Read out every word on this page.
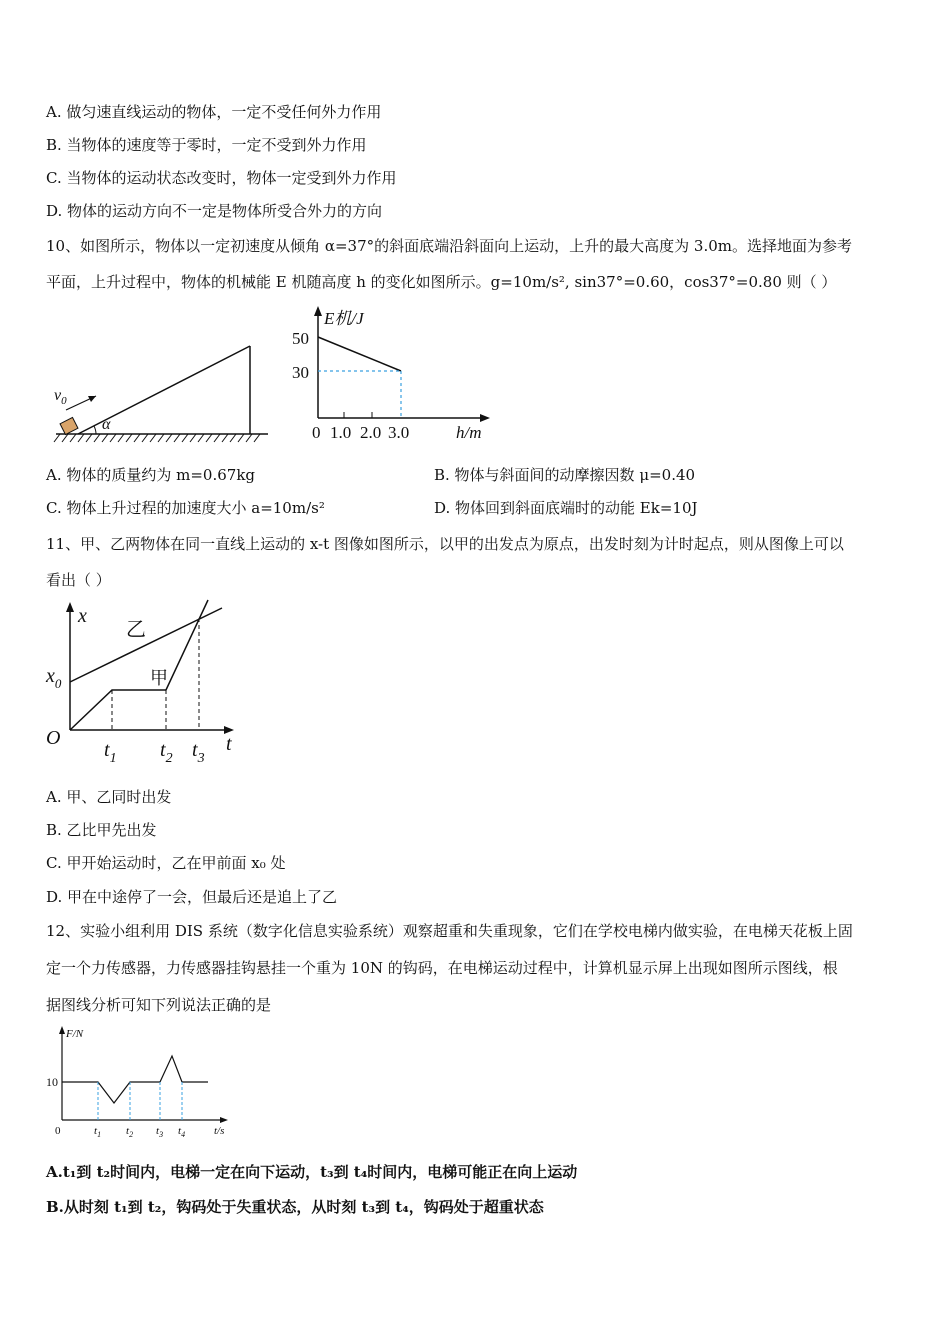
A. 做匀速直线运动的物体，一定不受任何外力作用
B. 当物体的速度等于零时，一定不受到外力作用
C. 当物体的运动状态改变时，物体一定受到外力作用
D. 物体的运动方向不一定是物体所受合外力的方向
10、如图所示，物体以一定初速度从倾角 α=37°的斜面底端沿斜面向上运动，上升的最大高度为 3.0m。选择地面为参考
平面，上升过程中，物体的机械能 E 机随高度 h 的变化如图所示。g=10m/s², sin37°=0.60，cos37°=0.80 则（ ）
$v_0$
α
E机/J
50
30
0 1.0 2.0 3.0	h/m
A. 物体的质量约为 m=0.67kg	B. 物体与斜面间的动摩擦因数 μ=0.40
C. 物体上升过程的加速度大小 a=10m/s²	D. 物体回到斜面底端时的动能 Ek=10J
11、甲、乙两物体在同一直线上运动的 x-t 图像如图所示，以甲的出发点为原点，出发时刻为计时起点，则从图像上可以
看出（ ）
x
t
O
$x_0$
乙
甲
$t_1$ $t_2$ $t_3$
A. 甲、乙同时出发
B. 乙比甲先出发
C. 甲开始运动时，乙在甲前面 x₀ 处
D. 甲在中途停了一会，但最后还是追上了乙
12、实验小组利用 DIS 系统（数字化信息实验系统）观察超重和失重现象，它们在学校电梯内做实验，在电梯天花板上固
定一个力传感器，力传感器挂钩悬挂一个重为 10N 的钩码，在电梯运动过程中，计算机显示屏上出现如图所示图线，根
据图线分析可知下列说法正确的是
F/N
10
0	$t_1$ $t_2$ $t_3$ $t_4$	t/s
A.t₁到 t₂时间内，电梯一定在向下运动，t₃到 t₄时间内，电梯可能正在向上运动
B.从时刻 t₁到 t₂，钩码处于失重状态，从时刻 t₃到 t₄，钩码处于超重状态
